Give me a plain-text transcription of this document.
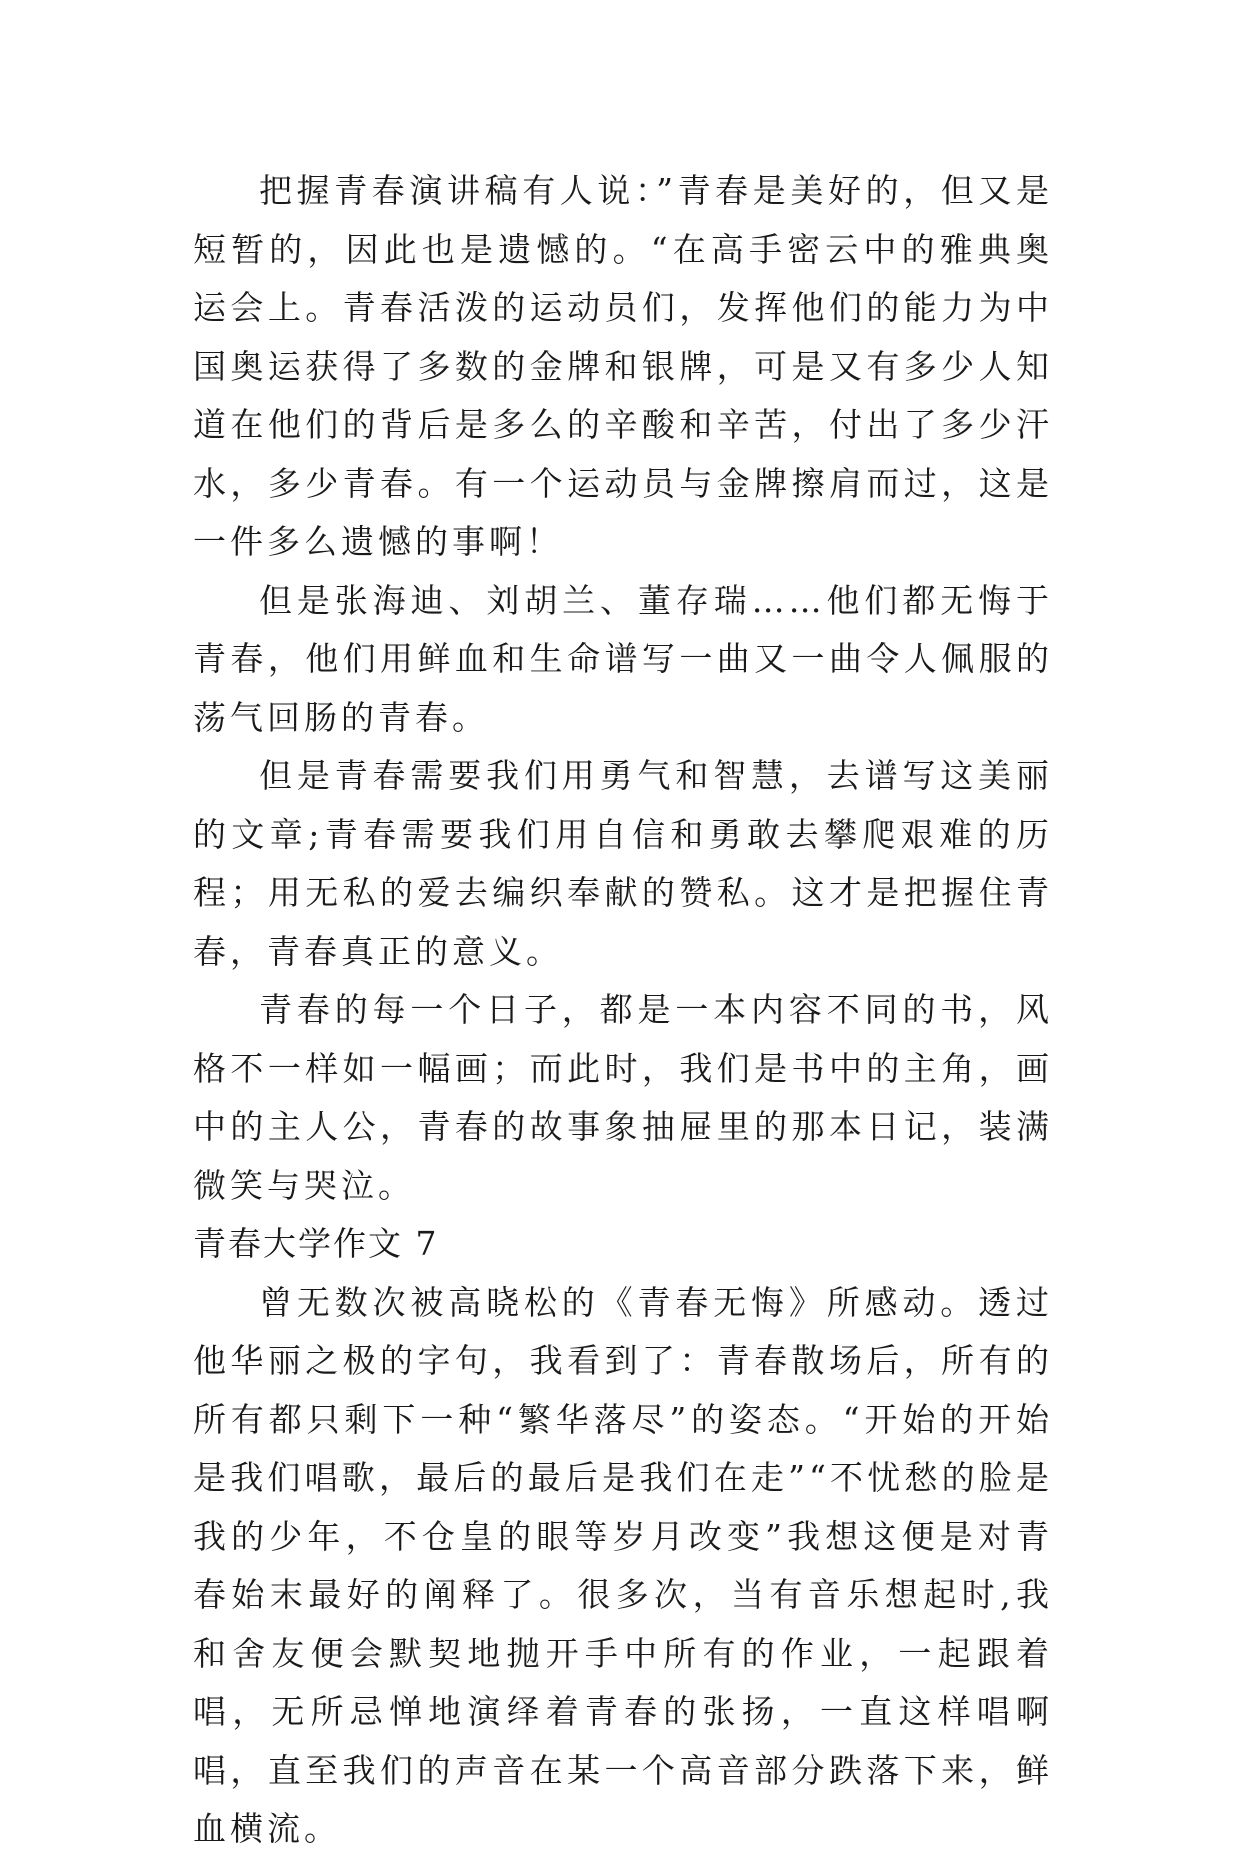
把握青春演讲稿有人说：”青春是美好的，但又是短暂的，因此也是遗憾的。“在高手密云中的雅典奥运会上。青春活泼的运动员们，发挥他们的能力为中国奥运获得了多数的金牌和银牌，可是又有多少人知道在他们的背后是多么的辛酸和辛苦，付出了多少汗水，多少青春。有一个运动员与金牌擦肩而过，这是一件多么遗憾的事啊！

但是张海迪、刘胡兰、董存瑞……他们都无悔于青春，他们用鲜血和生命谱写一曲又一曲令人佩服的荡气回肠的青春。

但是青春需要我们用勇气和智慧，去谱写这美丽的文章;青春需要我们用自信和勇敢去攀爬艰难的历程；用无私的爱去编织奉献的赞私。这才是把握住青春，青春真正的意义。

青春的每一个日子，都是一本内容不同的书，风格不一样如一幅画；而此时，我们是书中的主角，画中的主人公，青春的故事象抽屉里的那本日记，装满微笑与哭泣。

青春大学作文 7

曾无数次被高晓松的《青春无悔》所感动。透过他华丽之极的字句，我看到了：青春散场后，所有的所有都只剩下一种“繁华落尽”的姿态。“开始的开始是我们唱歌，最后的最后是我们在走”“不忧愁的脸是我的少年，不仓皇的眼等岁月改变”我想这便是对青春始末最好的阐释了。很多次，当有音乐想起时,我和舍友便会默契地抛开手中所有的作业，一起跟着唱，无所忌惮地演绎着青春的张扬，一直这样唱啊唱，直至我们的声音在某一个高音部分跌落下来，鲜血横流。
